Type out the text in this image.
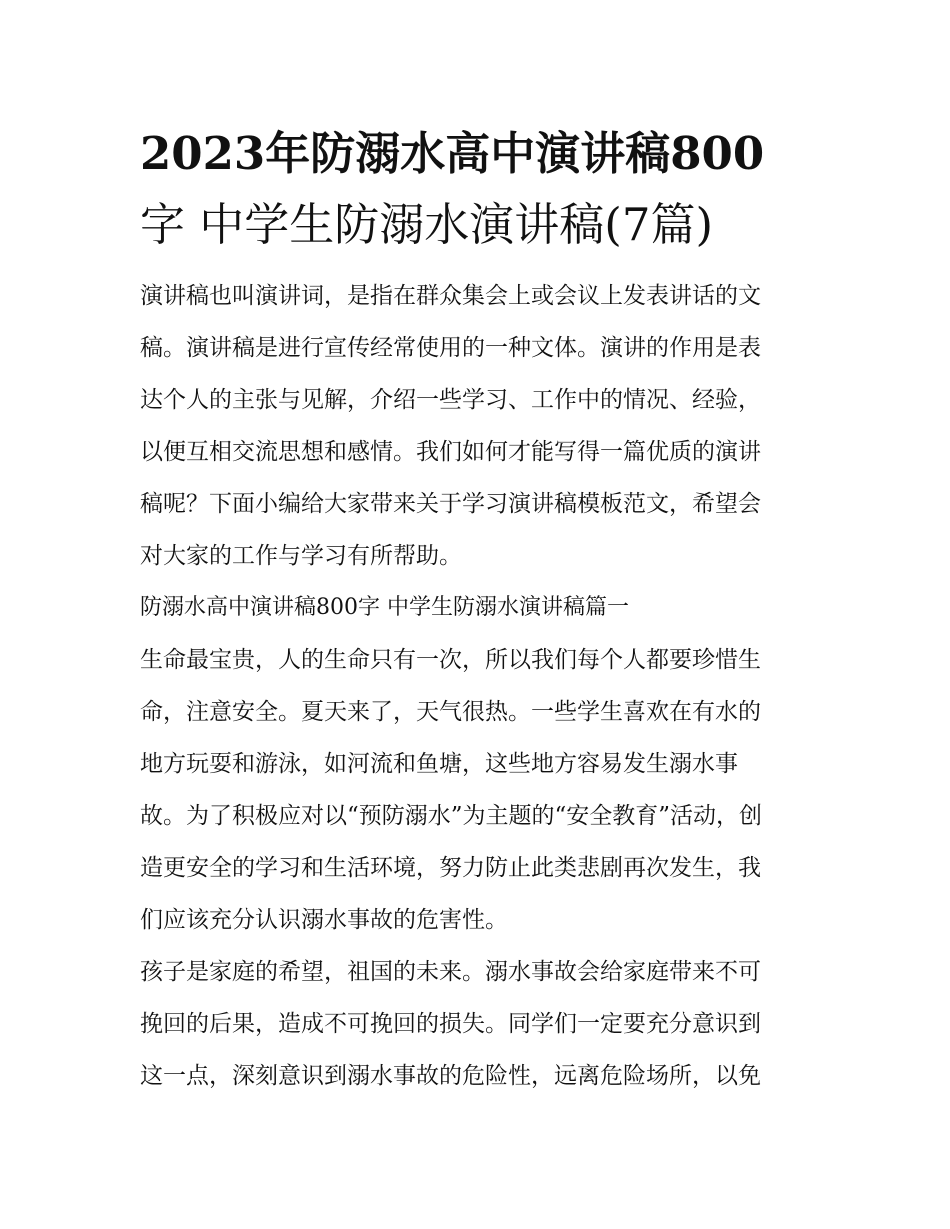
2023年防溺水高中演讲稿800
字 中学生防溺水演讲稿(7篇)
演讲稿也叫演讲词，是指在群众集会上或会议上发表讲话的文
稿。演讲稿是进行宣传经常使用的一种文体。演讲的作用是表
达个人的主张与见解，介绍一些学习、工作中的情况、经验，
以便互相交流思想和感情。我们如何才能写得一篇优质的演讲
稿呢？下面小编给大家带来关于学习演讲稿模板范文，希望会
对大家的工作与学习有所帮助。
防溺水高中演讲稿800字 中学生防溺水演讲稿篇一
生命最宝贵，人的生命只有一次，所以我们每个人都要珍惜生
命，注意安全。夏天来了，天气很热。一些学生喜欢在有水的
地方玩耍和游泳，如河流和鱼塘，这些地方容易发生溺水事
故。为了积极应对以“预防溺水”为主题的“安全教育”活动，创
造更安全的学习和生活环境，努力防止此类悲剧再次发生，我
们应该充分认识溺水事故的危害性。
孩子是家庭的希望，祖国的未来。溺水事故会给家庭带来不可
挽回的后果，造成不可挽回的损失。同学们一定要充分意识到
这一点，深刻意识到溺水事故的危险性，远离危险场所，以免
